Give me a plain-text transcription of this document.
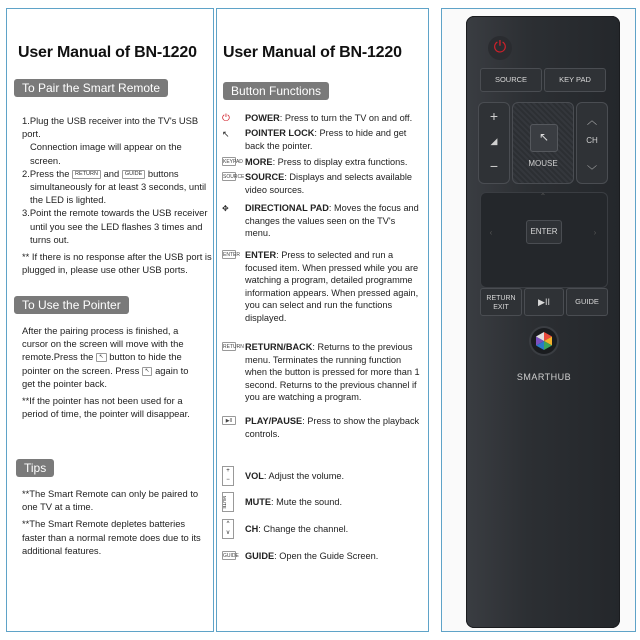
User Manual of BN-1220
To Pair the Smart Remote

1.Plug the USB receiver into the TV's USB port.

Connection image will appear on the screen.

2.Press the RETURN and GUIDE buttons

simultaneously for at least 3 seconds, until

the LED is lighted.

3.Point the remote towards the USB receiver

until you see the LED flashes 3 times and

turns out.

** If there is no response after the USB port is plugged in, please use other USB ports.

To Use the Pointer

After the pairing process is finished, a cursor on the screen will move with the remote.Press the ↖ button to hide the pointer on the screen. Press ↖ again to get the pointer back.

**If the pointer has not been used for a period of time, the pointer will disappear.

Tips

**The Smart Remote can only be paired to one TV at a time.

**The Smart Remote depletes batteries faster than a normal remote does due to its additional features.

User Manual of BN-1220
Button Functions
⏻ POWER: Press to turn the TV on and off.
↖ POINTER LOCK: Press to hide and get back the pointer.
KEYPAD MORE: Press to display extra functions.
SOURCE SOURCE: Displays and selects available video sources.
✥ DIRECTIONAL PAD: Moves the focus and changes the values seen on the TV's menu.
ENTER ENTER: Press to selected and run a focused item. When pressed while you are watching a program, detailed programme information appears. When pressed again, you can select and run the functions displayed.
RETURN RETURN/BACK: Returns to the previous menu. Terminates the running function when the button is pressed for more than 1 second. Returns to the previous channel if you are watching a program.
▶II	PLAY/PAUSE: Press to show the playback controls.
+
−	VOL: Adjust the volume.
MUTE	MUTE: Mute the sound.
^
v	CH: Change the channel.
GUIDE GUIDE: Open the Guide Screen.
⏻
SOURCE	KEY PAD
+
◢
−
↖
MOUSE
︿
CH
﹀
⌃
‹	›
ENTER
RETURN EXIT
▶II	GUIDE
SMARTHUB
